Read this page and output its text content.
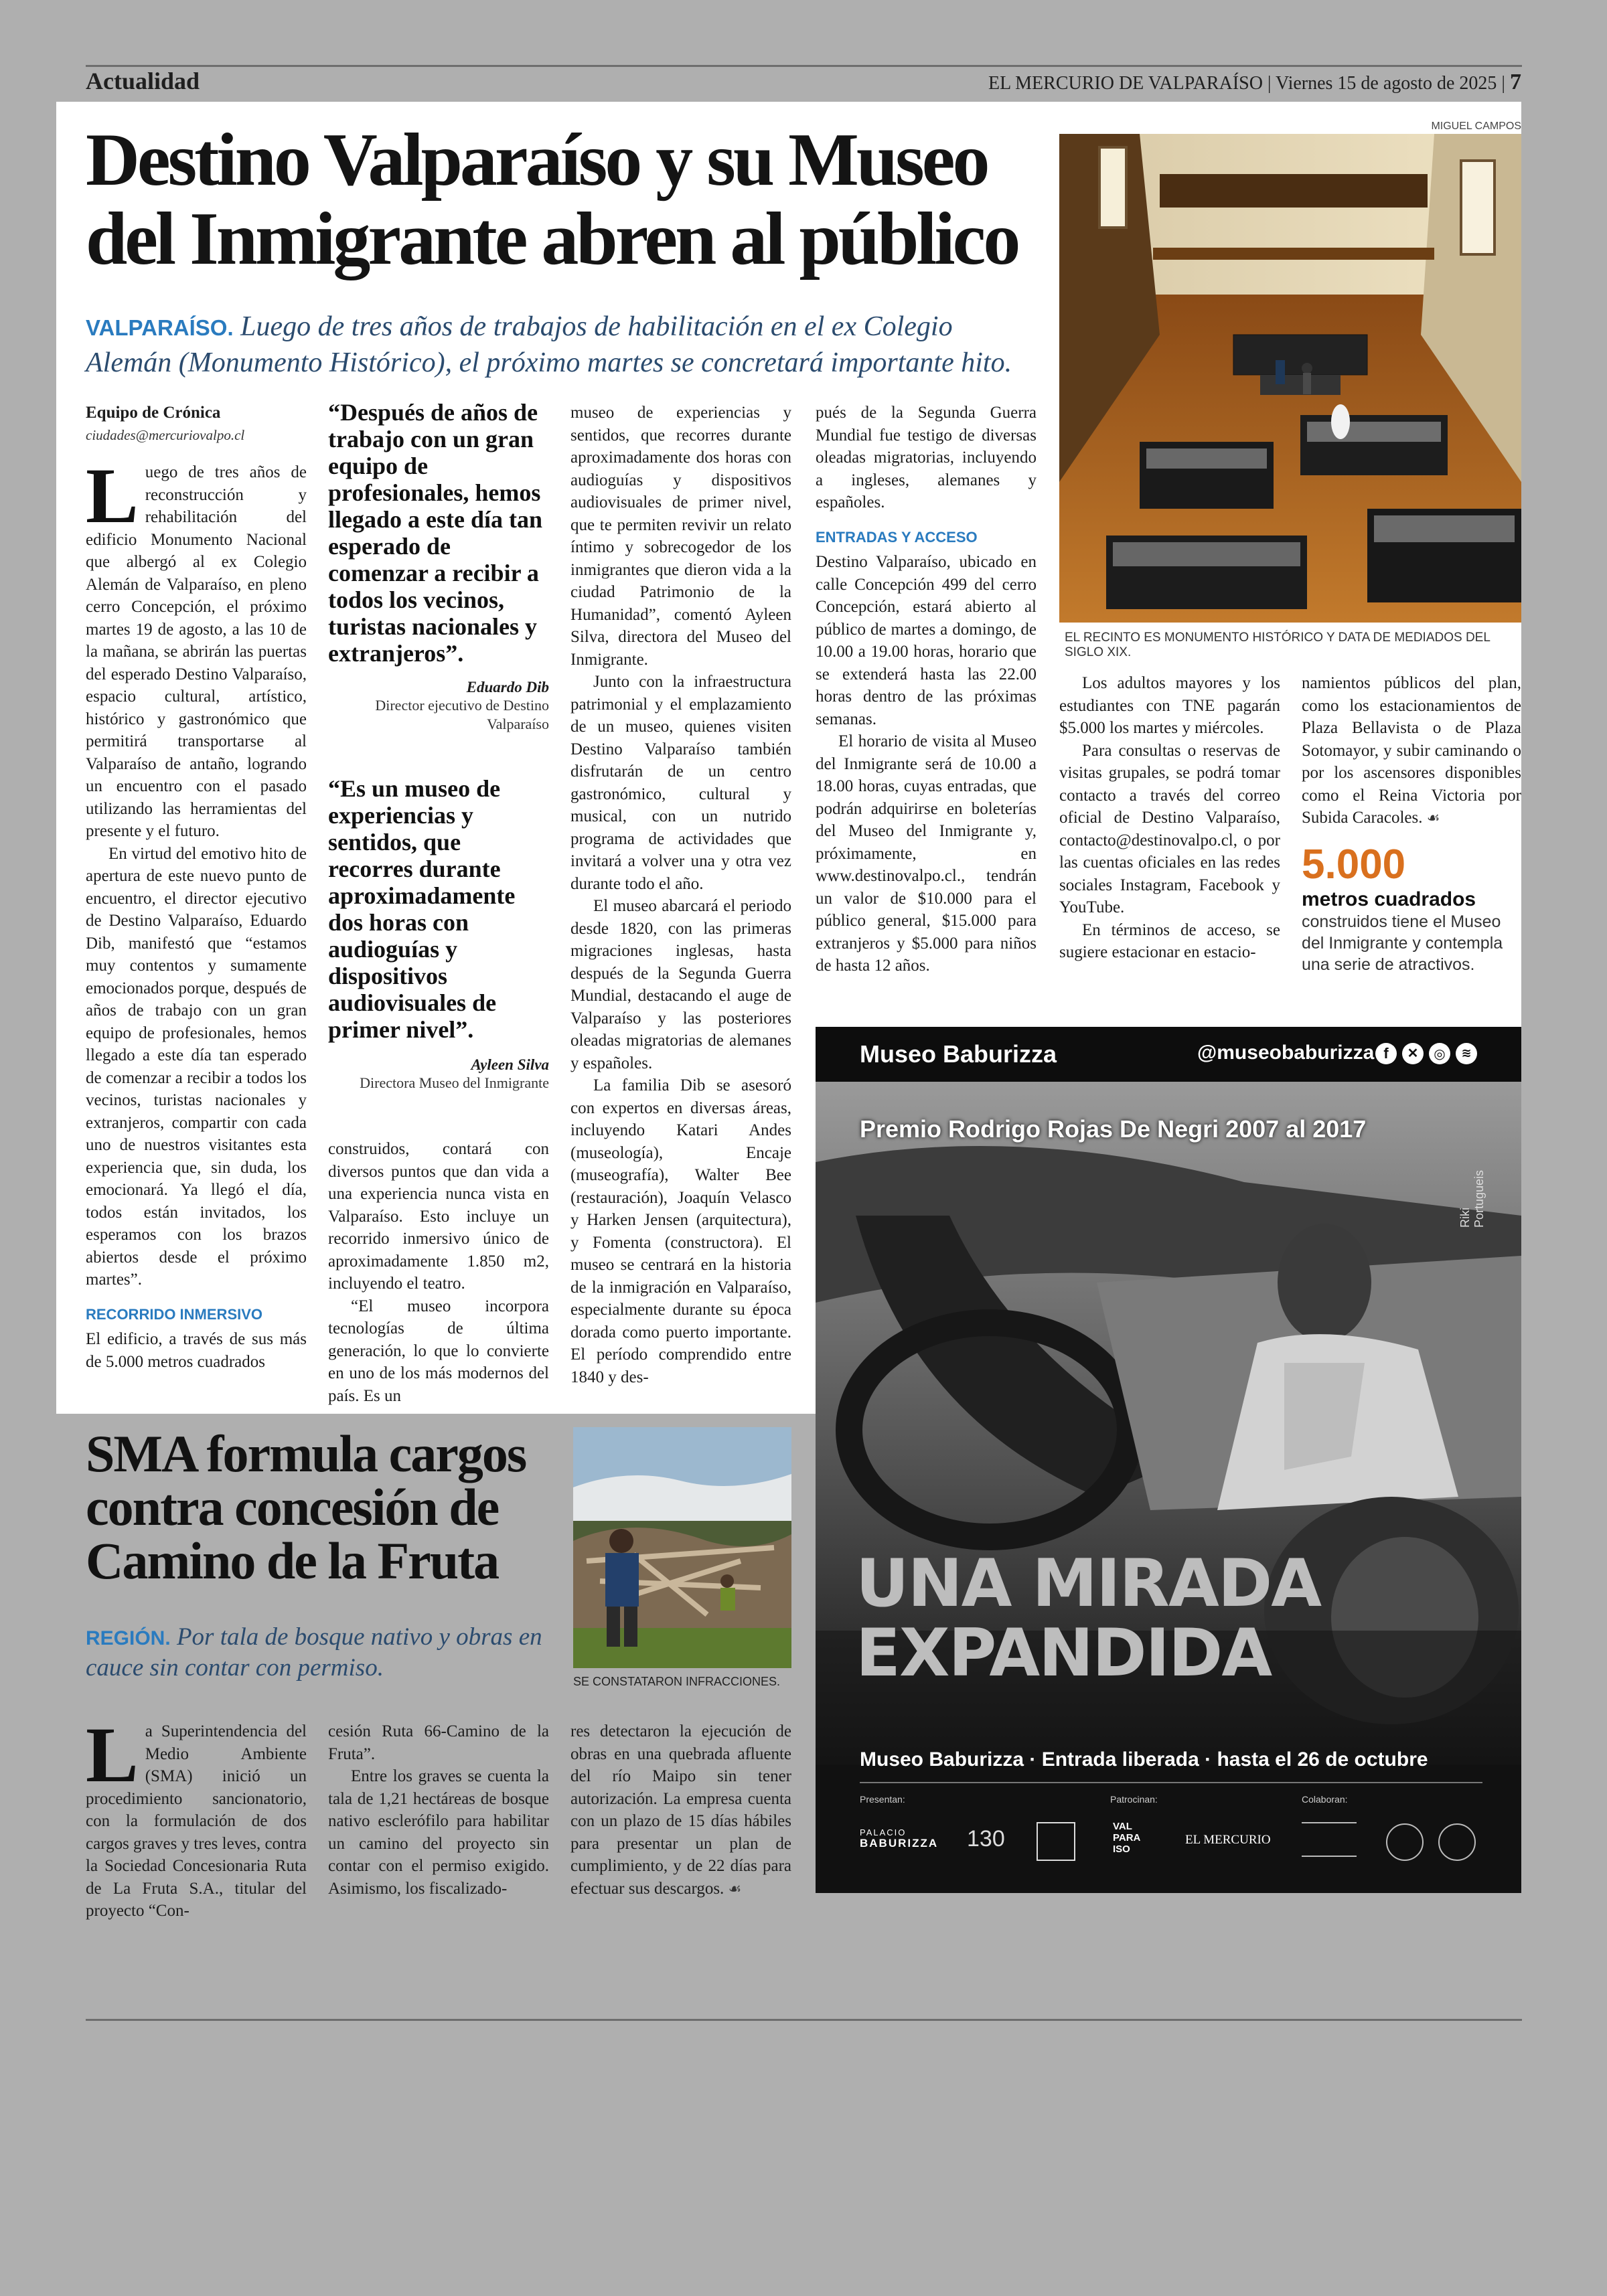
Actualidad	EL MERCURIO DE VALPARAÍSO | Viernes 15 de agosto de 2025 | 7
Destino Valparaíso y su Museo
del Inmigrante abren al público
VALPARAÍSO. Luego de tres años de trabajos de habilitación en el ex Colegio Alemán (Monumento Histórico), el próximo martes se concretará importante hito.
MIGUEL CAMPOS
EL RECINTO ES MONUMENTO HISTÓRICO Y DATA DE MEDIADOS DEL SIGLO XIX.
Equipo de Crónica
ciudades@mercuriovalpo.cl

Luego de tres años de reconstrucción y rehabilitación del edificio Monumento Nacional que albergó al ex Colegio Alemán de Valparaíso, en pleno cerro Concepción, el próximo martes 19 de agosto, a las 10 de la mañana, se abrirán las puertas del esperado Destino Valparaíso, espacio cultural, artístico, histórico y gastronómico que permitirá transportarse al Valparaíso de antaño, logrando un encuentro con el pasado utilizando las herramientas del presente y el futuro.

En virtud del emotivo hito de apertura de este nuevo punto de encuentro, el director ejecutivo de Destino Valparaíso, Eduardo Dib, manifestó que “estamos muy contentos y sumamente emocionados porque, después de años de trabajo con un gran equipo de profesionales, hemos llegado a este día tan esperado de comenzar a recibir a todos los vecinos, turistas nacionales y extranjeros, compartir con cada uno de nuestros visitantes esta experiencia que, sin duda, los emocionará. Ya llegó el día, todos están invitados, los esperamos con los brazos abiertos desde el próximo martes”.

RECORRIDO INMERSIVO

El edificio, a través de sus más de 5.000 metros cuadrados

“Después de años de trabajo con un gran equipo de profesionales, hemos llegado a este día tan esperado de comenzar a recibir a todos los vecinos, turistas nacionales y extranjeros”.
Eduardo Dib
Director ejecutivo de Destino Valparaíso
“Es un museo de experiencias y sentidos, que recorres durante aproximadamente dos horas con audioguías y dispositivos audiovisuales de primer nivel”.
Ayleen Silva
Directora Museo del Inmigrante

construidos, contará con diversos puntos que dan vida a una experiencia nunca vista en Valparaíso. Esto incluye un recorrido inmersivo único de aproximadamente 1.850 m2, incluyendo el teatro.

“El museo incorpora tecnologías de última generación, lo que lo convierte en uno de los más modernos del país. Es un

museo de experiencias y sentidos, que recorres durante aproximadamente dos horas con audioguías y dispositivos audiovisuales de primer nivel, que te permiten revivir un relato íntimo y sobrecogedor de los inmigrantes que dieron vida a la ciudad Patrimonio de la Humanidad”, comentó Ayleen Silva, directora del Museo del Inmigrante.

Junto con la infraestructura patrimonial y el emplazamiento de un museo, quienes visiten Destino Valparaíso también disfrutarán de un centro gastronómico, cultural y musical, con un nutrido programa de actividades que invitará a volver una y otra vez durante todo el año.

El museo abarcará el periodo desde 1820, con las primeras migraciones inglesas, hasta después de la Segunda Guerra Mundial, destacando el auge de Valparaíso y las posteriores oleadas migratorias de alemanes y españoles.

La familia Dib se asesoró con expertos en diversas áreas, incluyendo Katari Andes (museología), Encaje (museografía), Walter Bee (restauración), Joaquín Velasco y Harken Jensen (arquitectura), y Fomenta (constructora). El museo se centrará en la historia de la inmigración en Valparaíso, especialmente durante su época dorada como puerto importante. El período comprendido entre 1840 y des-

pués de la Segunda Guerra Mundial fue testigo de diversas oleadas migratorias, incluyendo a ingleses, alemanes y españoles.

ENTRADAS Y ACCESO

Destino Valparaíso, ubicado en calle Concepción 499 del cerro Concepción, estará abierto al público de martes a domingo, de 10.00 a 19.00 horas, horario que se extenderá hasta las 22.00 horas dentro de las próximas semanas.

El horario de visita al Museo del Inmigrante será de 10.00 a 18.00 horas, cuyas entradas, que podrán adquirirse en boleterías del Museo del Inmigrante y, próximamente, en www.destinovalpo.cl., tendrán un valor de $10.000 para el público general, $15.000 para extranjeros y $5.000 para niños de hasta 12 años.

Los adultos mayores y los estudiantes con TNE pagarán $5.000 los martes y miércoles.

Para consultas o reservas de visitas grupales, se podrá tomar contacto a través del correo oficial de Destino Valparaíso, contacto@destinovalpo.cl, o por las cuentas oficiales en las redes sociales Instagram, Facebook y YouTube.

En términos de acceso, se sugiere estacionar en estacio-

namientos públicos del plan, como los estacionamientos de Plaza Bellavista o de Plaza Sotomayor, y subir caminando o por los ascensores disponibles como el Reina Victoria por Subida Caracoles. ☙

5.000
metros cuadrados
construidos tiene el Museo del Inmigrante y contempla una serie de atractivos.
Museo Baburizza	@museobaburizza f	✕	◎	≋
Premio Rodrigo Rojas De Negri 2007 al 2017
Riki Portugueis
UNA MIRADA
EXPANDIDA
Museo Baburizza · Entrada liberada · hasta el 26 de octubre
Presentan:	Patrocinan:	Colaboran:
PALACIO
BABURIZZA 130	VAL PARA ISO
EL MERCURIO
SMA formula cargos
contra concesión de
Camino de la Fruta
REGIÓN. Por tala de bosque nativo y obras en cauce sin contar con permiso.	SE CONSTATARON INFRACCIONES.

La Superintendencia del Medio Ambiente (SMA) inició un procedimiento sancionatorio, con la formulación de dos cargos graves y tres leves, contra la Sociedad Concesionaria Ruta de La Fruta S.A., titular del proyecto “Con-

cesión Ruta 66-Camino de la Fruta”.

Entre los graves se cuenta la tala de 1,21 hectáreas de bosque nativo esclerófilo para habilitar un camino del proyecto sin contar con el permiso exigido. Asimismo, los fiscalizado-

res detectaron la ejecución de obras en una quebrada afluente del río Maipo sin tener autorización. La empresa cuenta con un plazo de 15 días hábiles para presentar un plan de cumplimiento, y de 22 días para efectuar sus descargos. ☙
